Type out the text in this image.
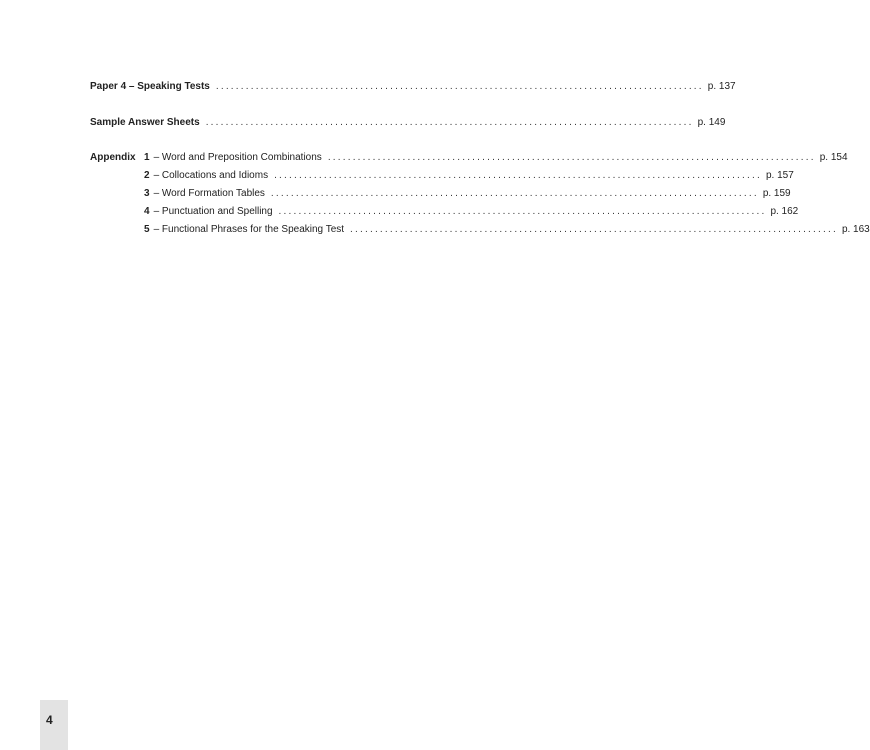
Paper 4 – Speaking Tests .................................................................................................. p. 137
Sample Answer Sheets .................................................................................................. p. 149
Appendix 1 – Word and Preposition Combinations .................................................................................................. p. 154
2 – Collocations and Idioms .................................................................................................. p. 157
3 – Word Formation Tables .................................................................................................. p. 159
4 – Punctuation and Spelling .................................................................................................. p. 162
5 – Functional Phrases for the Speaking Test .................................................................................................. p. 163
4
